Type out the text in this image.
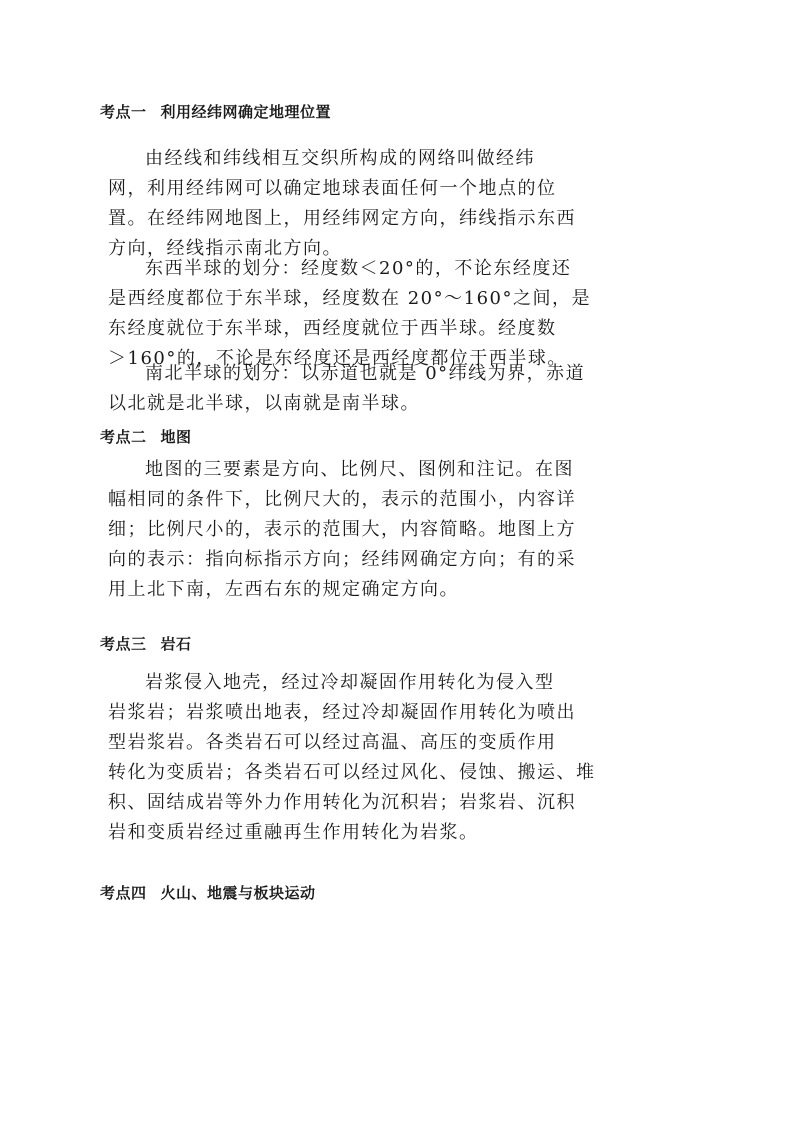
考点一 利用经纬网确定地理位置
由经线和纬线相互交织所构成的网络叫做经纬
网，利用经纬网可以确定地球表面任何一个地点的位
置。在经纬网地图上，用经纬网定方向，纬线指示东西
方向，经线指示南北方向。
东西半球的划分：经度数＜20°的，不论东经度还
是西经度都位于东半球，经度数在 20°～160°之间，是
东经度就位于东半球，西经度就位于西半球。经度数
＞160°的，不论是东经度还是西经度都位于西半球。
南北半球的划分：以赤道也就是 0°纬线为界，赤道
以北就是北半球，以南就是南半球。
考点二 地图
地图的三要素是方向、比例尺、图例和注记。在图
幅相同的条件下，比例尺大的，表示的范围小，内容详
细；比例尺小的，表示的范围大，内容简略。地图上方
向的表示：指向标指示方向；经纬网确定方向；有的采
用上北下南，左西右东的规定确定方向。
考点三 岩石
岩浆侵入地壳，经过冷却凝固作用转化为侵入型
岩浆岩；岩浆喷出地表，经过冷却凝固作用转化为喷出
型岩浆岩。各类岩石可以经过高温、高压的变质作用
转化为变质岩；各类岩石可以经过风化、侵蚀、搬运、堆
积、固结成岩等外力作用转化为沉积岩；岩浆岩、沉积
岩和变质岩经过重融再生作用转化为岩浆。
考点四 火山、地震与板块运动
